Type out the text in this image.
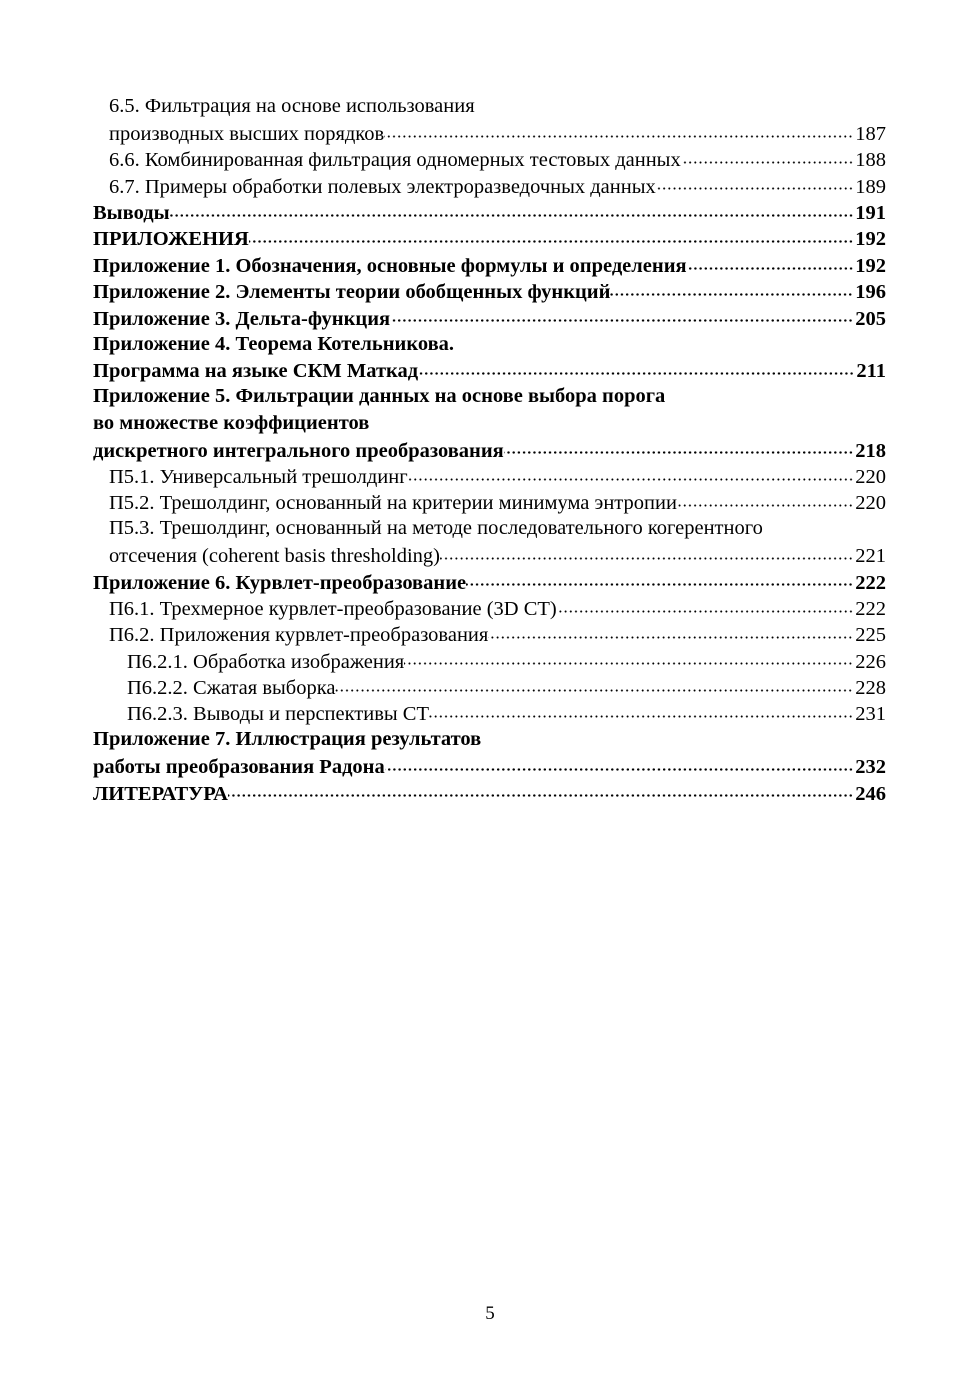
6.5. Фильтрация на основе использования
производных высших порядков	187
6.6. Комбинированная фильтрация одномерных тестовых данных	188
6.7. Примеры обработки полевых электроразведочных данных	189
Выводы	191
ПРИЛОЖЕНИЯ	192
Приложение 1. Обозначения, основные формулы и определения	192
Приложение 2. Элементы теории обобщенных функций	196
Приложение 3. Дельта-функция	205
Приложение 4. Теорема Котельникова.
Программа на языке СКМ Маткад	211
Приложение 5. Фильтрации данных на основе выбора порога
во множестве коэффициентов
дискретного интегрального преобразования	218
П5.1. Универсальный трешолдинг	220
П5.2. Трешолдинг, основанный на критерии минимума энтропии	220
П5.3. Трешолдинг, основанный на методе последовательного когерентного
отсечения (coherent basis thresholding)	221
Приложение 6. Курвлет-преобразование	222
П6.1. Трехмерное курвлет-преобразование (3D CT)	222
П6.2. Приложения курвлет-преобразования	225
П6.2.1. Обработка изображения	226
П6.2.2. Сжатая выборка	228
П6.2.3. Выводы и перспективы CT	231
Приложение 7. Иллюстрация результатов
работы преобразования Радона	232
ЛИТЕРАТУРА	246
5
